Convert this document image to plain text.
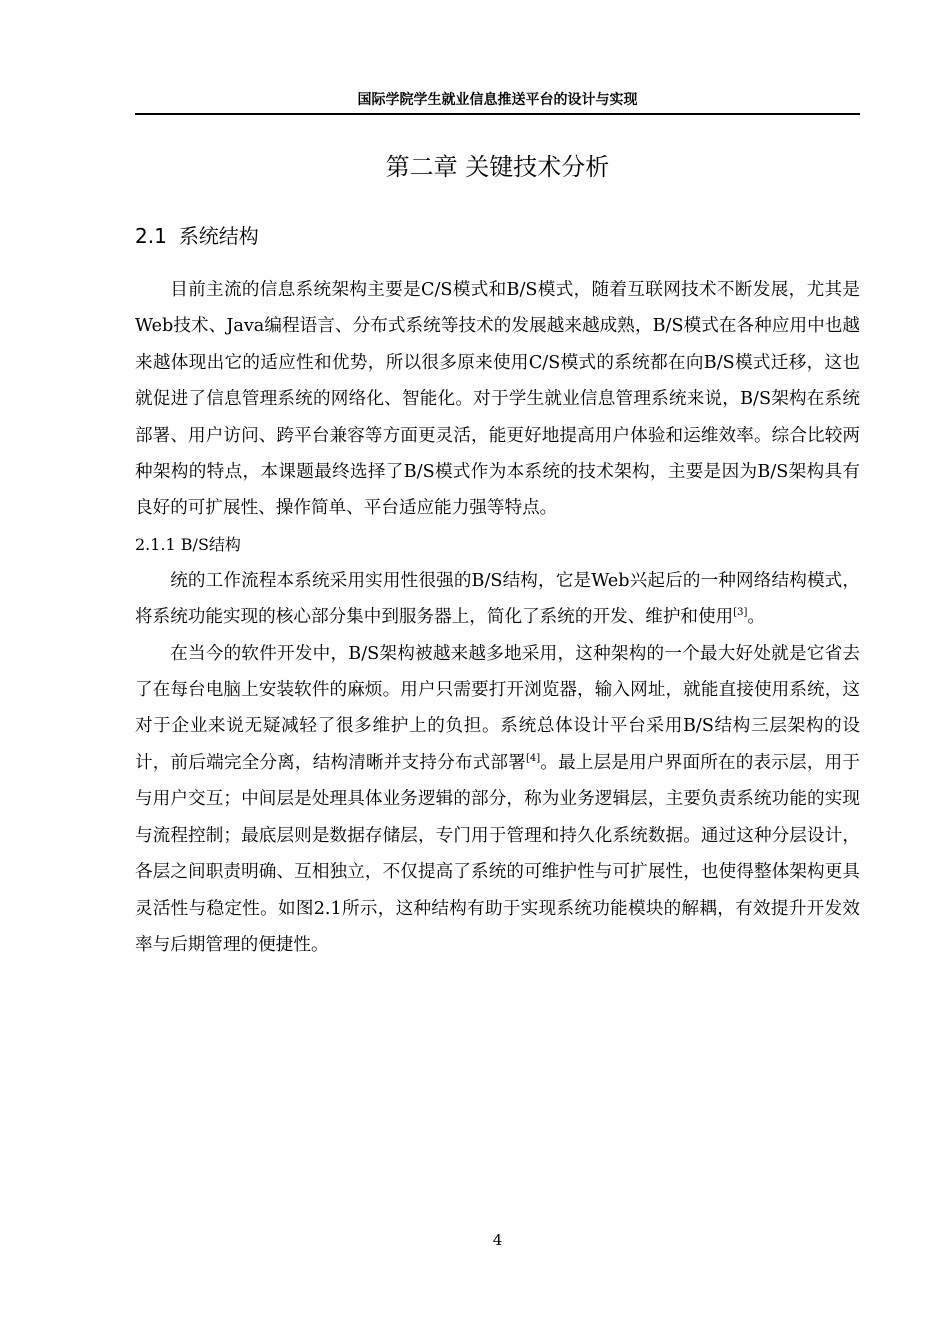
国际学院学生就业信息推送平台的设计与实现
第二章 关键技术分析
2.1 系统结构

目前主流的信息系统架构主要是C/S模式和B/S模式，随着互联网技术不断发展，尤其是Web技术、Java编程语言、分布式系统等技术的发展越来越成熟，B/S模式在各种应用中也越来越体现出它的适应性和优势，所以很多原来使用C/S模式的系统都在向B/S模式迁移，这也就促进了信息管理系统的网络化、智能化。对于学生就业信息管理系统来说，B/S架构在系统部署、用户访问、跨平台兼容等方面更灵活，能更好地提高用户体验和运维效率。综合比较两种架构的特点，本课题最终选择了B/S模式作为本系统的技术架构，主要是因为B/S架构具有良好的可扩展性、操作简单、平台适应能力强等特点。

2.1.1 B/S结构

统的工作流程本系统采用实用性很强的B/S结构，它是Web兴起后的一种网络结构模式，将系统功能实现的核心部分集中到服务器上，简化了系统的开发、维护和使用[3]。

在当今的软件开发中，B/S架构被越来越多地采用，这种架构的一个最大好处就是它省去了在每台电脑上安装软件的麻烦。用户只需要打开浏览器，输入网址，就能直接使用系统，这对于企业来说无疑减轻了很多维护上的负担。系统总体设计平台采用B/S结构三层架构的设计，前后端完全分离，结构清晰并支持分布式部署[4]。最上层是用户界面所在的表示层，用于与用户交互；中间层是处理具体业务逻辑的部分，称为业务逻辑层，主要负责系统功能的实现与流程控制；最底层则是数据存储层，专门用于管理和持久化系统数据。通过这种分层设计，各层之间职责明确、互相独立，不仅提高了系统的可维护性与可扩展性，也使得整体架构更具灵活性与稳定性。如图2.1所示，这种结构有助于实现系统功能模块的解耦，有效提升开发效率与后期管理的便捷性。

4
